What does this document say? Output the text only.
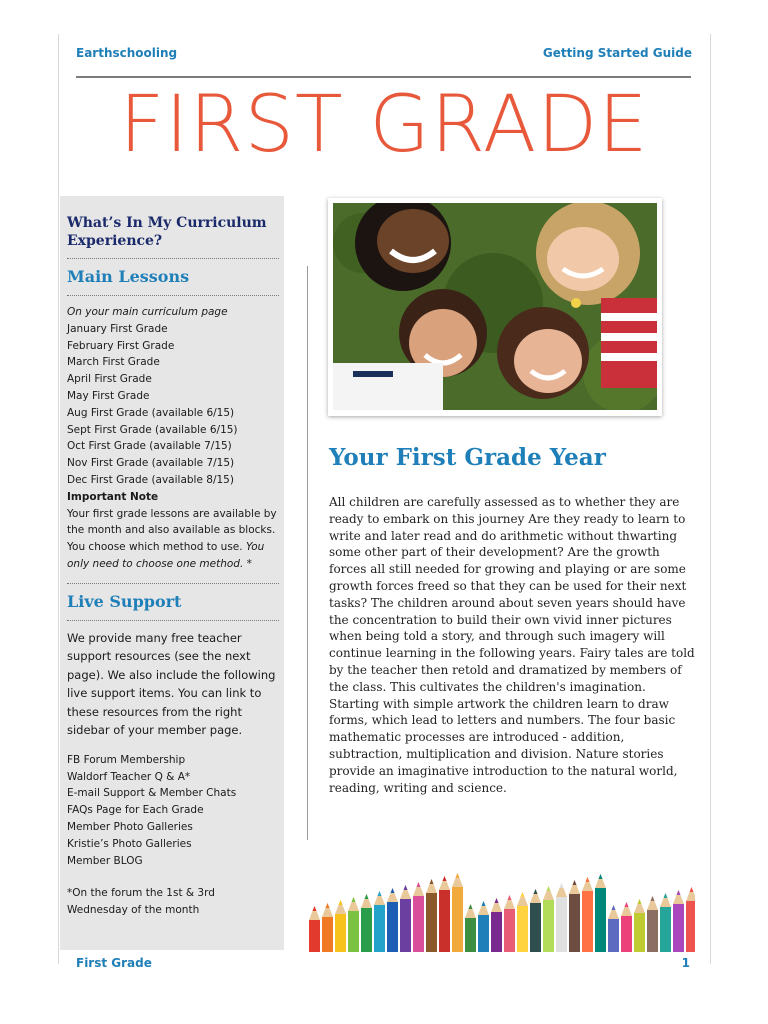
Earthschooling	Getting Started Guide
FIRST GRADE

What’s In My Curriculum Experience?

Main Lessons

On your main curriculum page
January First Grade
February First Grade
March First Grade
April First Grade
May First Grade
Aug First Grade (available 6/15)
Sept First Grade (available 6/15)
Oct First Grade (available 7/15)
Nov First Grade (available 7/15)
Dec First Grade (available 8/15)
Important Note
Your first grade lessons are available by the month and also available as blocks. You choose which method to use. You only need to choose one method. *

Live Support

We provide many free teacher support resources (see the next page). We also include the following live support items. You can link to these resources from the right sidebar of your member page.
FB Forum Membership
Waldorf Teacher Q & A*
E-mail Support & Member Chats
FAQs Page for Each Grade
Member Photo Galleries
Kristie’s Photo Galleries
Member BLOG
*On the forum the 1st & 3rd Wednesday of the month
Your First Grade Year
All children are carefully assessed as to whether they are ready to embark on this journey Are they ready to learn to write and later read and do arithmetic without thwarting some other part of their development? Are the growth forces all still needed for growing and playing or are some growth forces freed so that they can be used for their next tasks? The children around about seven years should have the concentration to build their own vivid inner pictures when being told a story, and through such imagery will continue learning in the following years. Fairy tales are told by the teacher then retold and dramatized by members of the class. This cultivates the children's imagination. Starting with simple artwork the children learn to draw forms, which lead to letters and numbers. The four basic mathematic processes are introduced - addition, subtraction, multiplication and division. Nature stories provide an imaginative introduction to the natural world, reading, writing and science.
First Grade	1
